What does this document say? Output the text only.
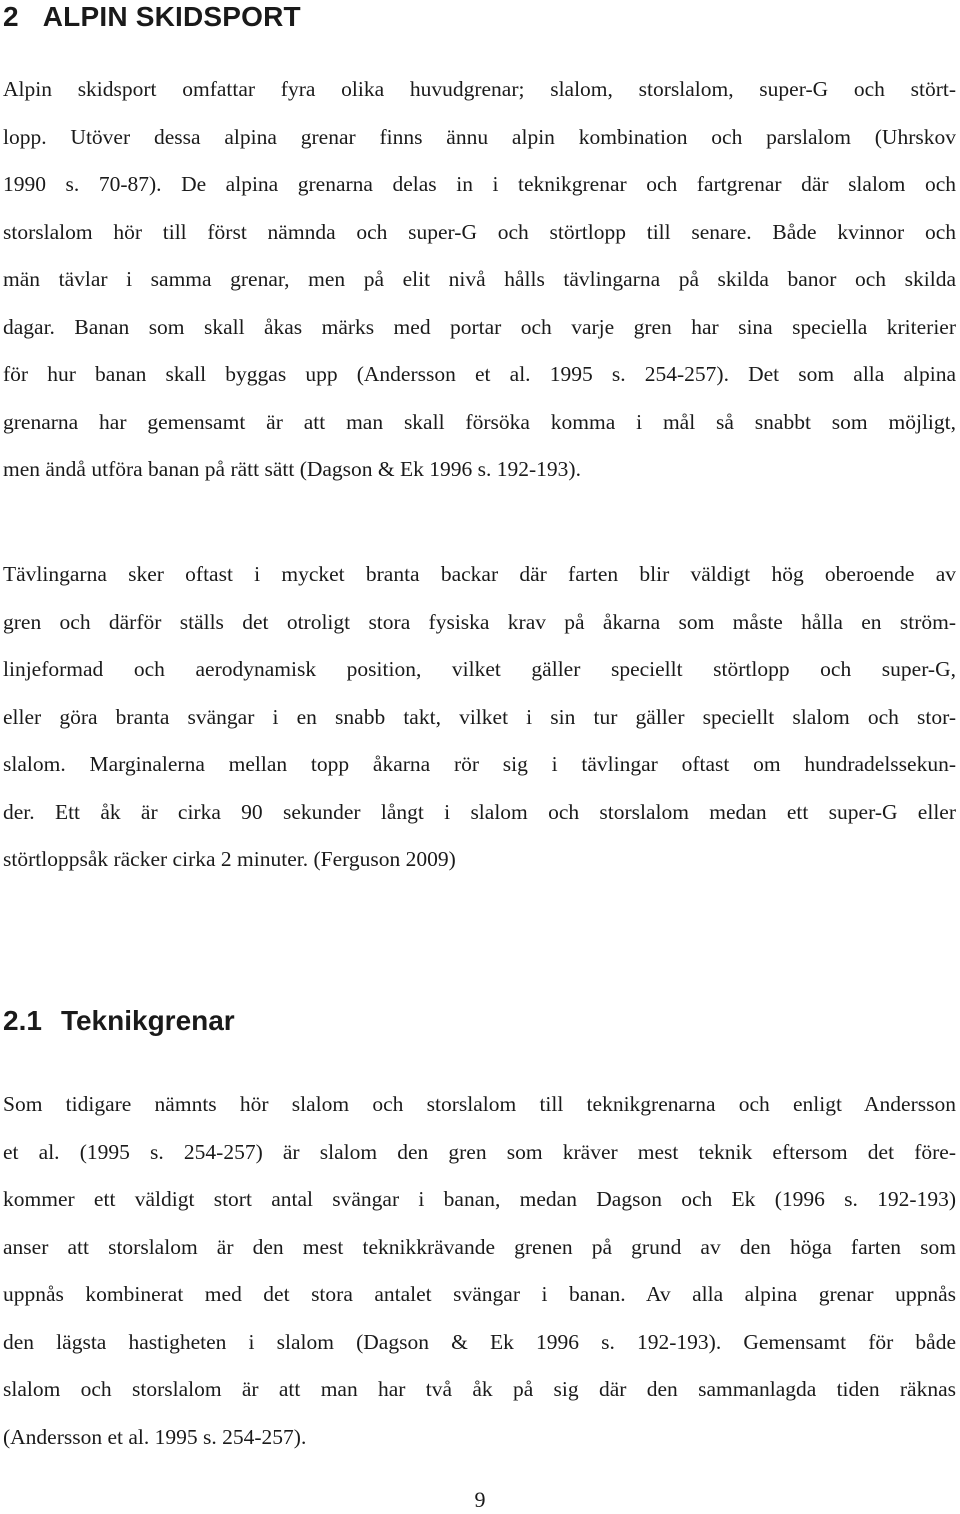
2 ALPIN SKIDSPORT
Alpin skidsport omfattar fyra olika huvudgrenar; slalom, storslalom, super-G och stört-
lopp. Utöver dessa alpina grenar finns ännu alpin kombination och parslalom (Uhrskov
1990 s. 70-87). De alpina grenarna delas in i teknikgrenar och fartgrenar där slalom och
storslalom hör till först nämnda och super-G och störtlopp till senare. Både kvinnor och
män tävlar i samma grenar, men på elit nivå hålls tävlingarna på skilda banor och skilda
dagar. Banan som skall åkas märks med portar och varje gren har sina speciella kriterier
för hur banan skall byggas upp (Andersson et al. 1995 s. 254-257). Det som alla alpina
grenarna har gemensamt är att man skall försöka komma i mål så snabbt som möjligt,
men ändå utföra banan på rätt sätt (Dagson & Ek 1996 s. 192-193).
Tävlingarna sker oftast i mycket branta backar där farten blir väldigt hög oberoende av
gren och därför ställs det otroligt stora fysiska krav på åkarna som måste hålla en ström-
linjeformad och aerodynamisk position, vilket gäller speciellt störtlopp och super-G,
eller göra branta svängar i en snabb takt, vilket i sin tur gäller speciellt slalom och stor-
slalom. Marginalerna mellan topp åkarna rör sig i tävlingar oftast om hundradelssekun-
der. Ett åk är cirka 90 sekunder långt i slalom och storslalom medan ett super-G eller
störtloppsåk räcker cirka 2 minuter. (Ferguson 2009)
2.1 Teknikgrenar
Som tidigare nämnts hör slalom och storslalom till teknikgrenarna och enligt Andersson
et al. (1995 s. 254-257) är slalom den gren som kräver mest teknik eftersom det före-
kommer ett väldigt stort antal svängar i banan, medan Dagson och Ek (1996 s. 192-193)
anser att storslalom är den mest teknikkrävande grenen på grund av den höga farten som
uppnås kombinerat med det stora antalet svängar i banan. Av alla alpina grenar uppnås
den lägsta hastigheten i slalom (Dagson & Ek 1996 s. 192-193). Gemensamt för både
slalom och storslalom är att man har två åk på sig där den sammanlagda tiden räknas
(Andersson et al. 1995 s. 254-257).

9
